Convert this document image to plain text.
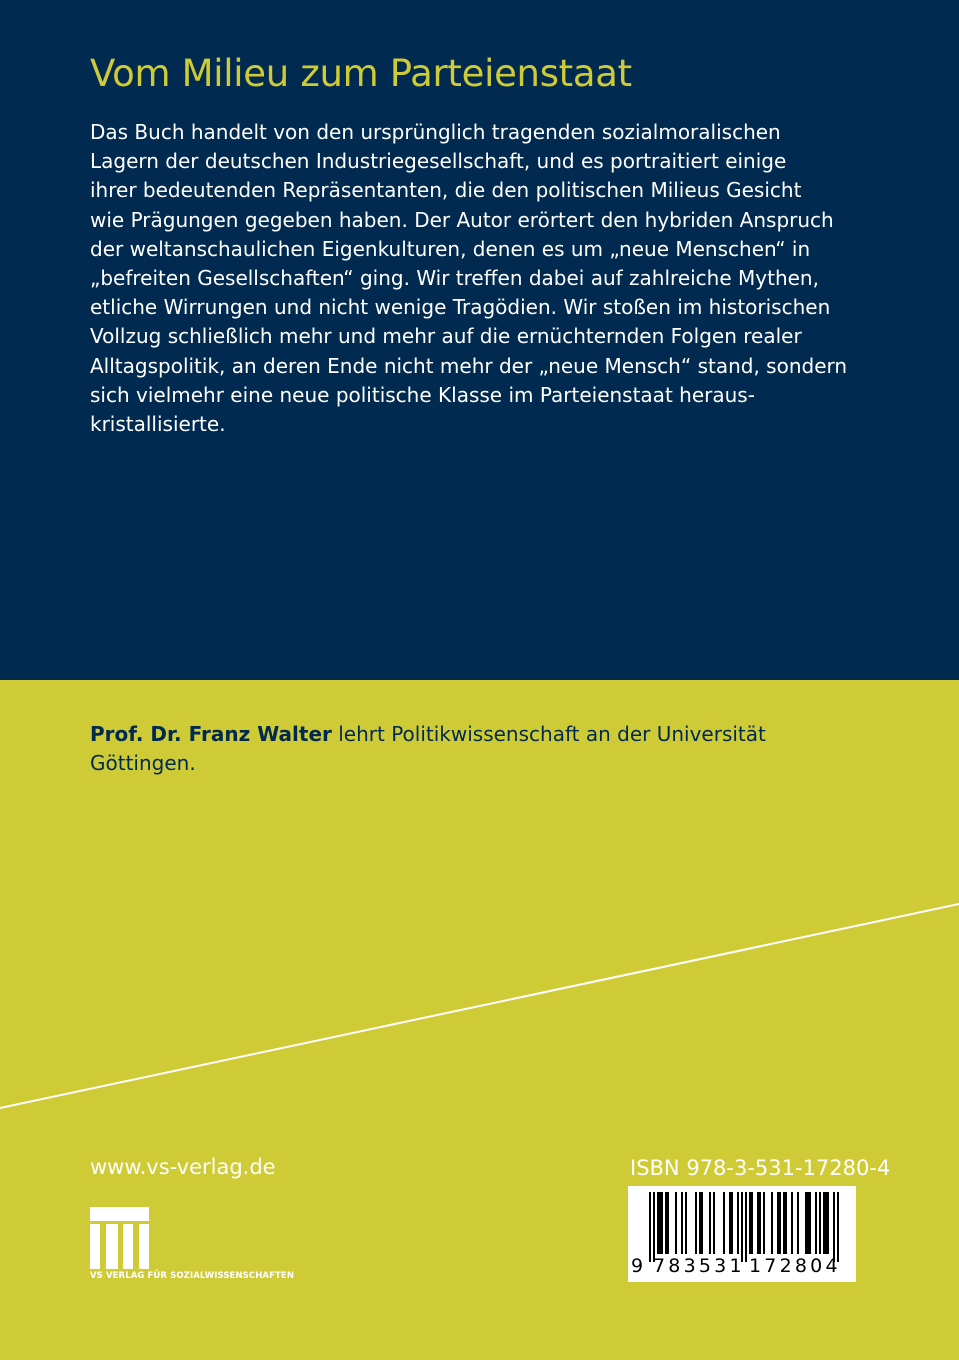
Vom Milieu zum Parteienstaat
Das Buch handelt von den ursprünglich tragenden sozialmoralischen
Lagern der deutschen Industriegesellschaft, und es portraitiert einige
ihrer bedeutenden Repräsentanten, die den politischen Milieus Gesicht
wie Prägungen gegeben haben. Der Autor erörtert den hybriden Anspruch
der weltanschaulichen Eigenkulturen, denen es um „neue Menschen“ in
„befreiten Gesellschaften“ ging. Wir treffen dabei auf zahlreiche Mythen,
etliche Wirrungen und nicht wenige Tragödien. Wir stoßen im historischen
Vollzug schließlich mehr und mehr auf die ernüchternden Folgen realer
Alltagspolitik, an deren Ende nicht mehr der „neue Mensch“ stand, sondern
sich vielmehr eine neue politische Klasse im Parteienstaat heraus-
kristallisierte.
Prof. Dr. Franz Walter lehrt Politikwissenschaft an der Universität
Göttingen.
www.vs-verlag.de
VS VERLAG FÜR SOZIALWISSENSCHAFTEN
ISBN 978-3-531-17280-4
9 783531 172804
